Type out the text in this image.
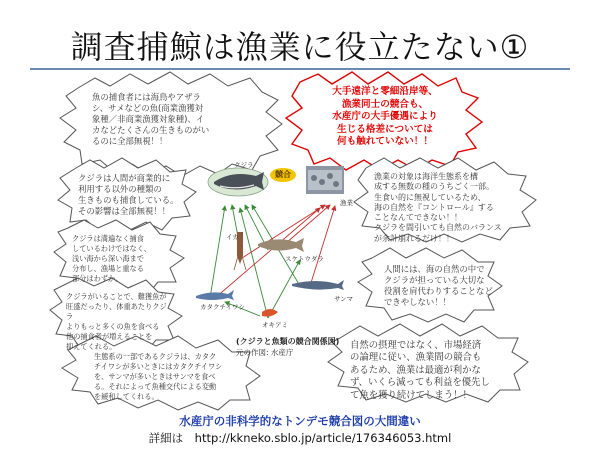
調査捕鯨は漁業に役立たない①
競合
魚の捕食者には海鳥やアザラ
シ、サメなどの魚(商業漁獲対
象種／非商業漁獲対象種)、イ
カなどたくさんの生きものがい
るのに全部無視！！
大手遠洋と零細沿岸等、
漁業同士の競合も、
水産庁の大手優遇により
生じる格差については
何も触れていない！！
クジラは人間が商業的に
利用する以外の種類の
生きものも捕食している。
その影響は全部無視！！
クジラは満遍なく捕食
しているわけではなく、
浅い海から深い海まで
分布し、漁場と重なる
部分はわずか。
クジラがいることで、難獲魚が
旺盛だったり、体重あたりクジラ
よりもっと多くの魚を食べる
他の捕食者が増えることを
抑えてくれる。
生態系の一部であるクジラは、カタク
チイワシが多いときにはカタクチイワシ
を、サンマが多いときはサンマを食べ
る。それによって魚種交代による変動
を緩和してくれる。
漁業の対象は海洋生態系を構
成する無数の種のうちごく一部。
生食い的に無視しているため、
海の自然を『コントロール』する
ことなんてできない！！
クジラを間引いても自然のバランス
が余計崩れるだけ！！
人間には、海の自然の中で
クジラが担っている大切な
役割を肩代わりすることなど
できやしない！！
自然の摂理ではなく、市場経済
の論理に従い、漁業間の競合も
あるため、漁業は最適が利かな
ず、いくら減っても利益を優先し
て魚を獲り続けてしまう！！
クジラ
漁業
イカ
スケトウダラ
カタクチイワシ
サンマ
オキアミ
(クジラと魚類の競合関係図)
元の作図: 水産庁
水産庁の非科学的なトンデモ競合図の大間違い
詳細は　http://kkneko.sblo.jp/article/176346053.html
